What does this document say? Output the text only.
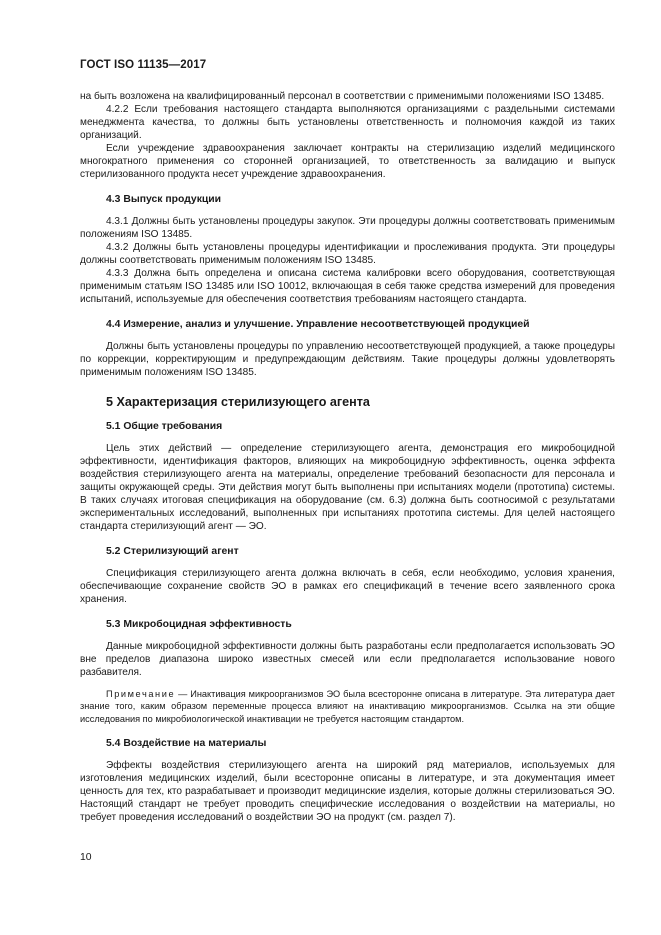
ГОСТ ISO 11135—2017

на быть возложена на квалифицированный персонал в соответствии с применимыми положениями ISO 13485.

4.2.2 Если требования настоящего стандарта выполняются организациями с раздельными системами менеджмента качества, то должны быть установлены ответственность и полномочия каждой из таких организаций.

Если учреждение здравоохранения заключает контракты на стерилизацию изделий медицинского многократного применения со сторонней организацией, то ответственность за валидацию и выпуск стерилизованного продукта несет учреждение здравоохранения.

4.3 Выпуск продукции

4.3.1 Должны быть установлены процедуры закупок. Эти процедуры должны соответствовать применимым положениям ISO 13485.

4.3.2 Должны быть установлены процедуры идентификации и прослеживания продукта. Эти процедуры должны соответствовать применимым положениям ISO 13485.

4.3.3 Должна быть определена и описана система калибровки всего оборудования, соответствующая применимым статьям ISO 13485 или ISO 10012, включающая в себя также средства измерений для проведения испытаний, используемые для обеспечения соответствия требованиям настоящего стандарта.

4.4 Измерение, анализ и улучшение. Управление несоответствующей продукцией

Должны быть установлены процедуры по управлению несоответствующей продукцией, а также процедуры по коррекции, корректирующим и предупреждающим действиям. Такие процедуры должны удовлетворять применимым положениям ISO 13485.

5 Характеризация стерилизующего агента

5.1 Общие требования

Цель этих действий — определение стерилизующего агента, демонстрация его микробоцидной эффективности, идентификация факторов, влияющих на микробоцидную эффективность, оценка эффекта воздействия стерилизующего агента на материалы, определение требований безопасности для персонала и защиты окружающей среды. Эти действия могут быть выполнены при испытаниях модели (прототипа) системы. В таких случаях итоговая спецификация на оборудование (см. 6.3) должна быть соотносимой с результатами экспериментальных исследований, выполненных при испытаниях прототипа системы. Для целей настоящего стандарта стерилизующий агент — ЭО.

5.2 Стерилизующий агент

Спецификация стерилизующего агента должна включать в себя, если необходимо, условия хранения, обеспечивающие сохранение свойств ЭО в рамках его спецификаций в течение всего заявленного срока хранения.

5.3 Микробоцидная эффективность

Данные микробоцидной эффективности должны быть разработаны если предполагается использовать ЭО вне пределов диапазона широко известных смесей или если предполагается использование нового разбавителя.

Примечание — Инактивация микроорганизмов ЭО была всесторонне описана в литературе. Эта литература дает знание того, каким образом переменные процесса влияют на инактивацию микроорганизмов. Ссылка на эти общие исследования по микробиологической инактивации не требуется настоящим стандартом.

5.4 Воздействие на материалы

Эффекты воздействия стерилизующего агента на широкий ряд материалов, используемых для изготовления медицинских изделий, были всесторонне описаны в литературе, и эта документация имеет ценность для тех, кто разрабатывает и производит медицинские изделия, которые должны стерилизоваться ЭО. Настоящий стандарт не требует проводить специфические исследования о воздействии на материалы, но требует проведения исследований о воздействии ЭО на продукт (см. раздел 7).

10
